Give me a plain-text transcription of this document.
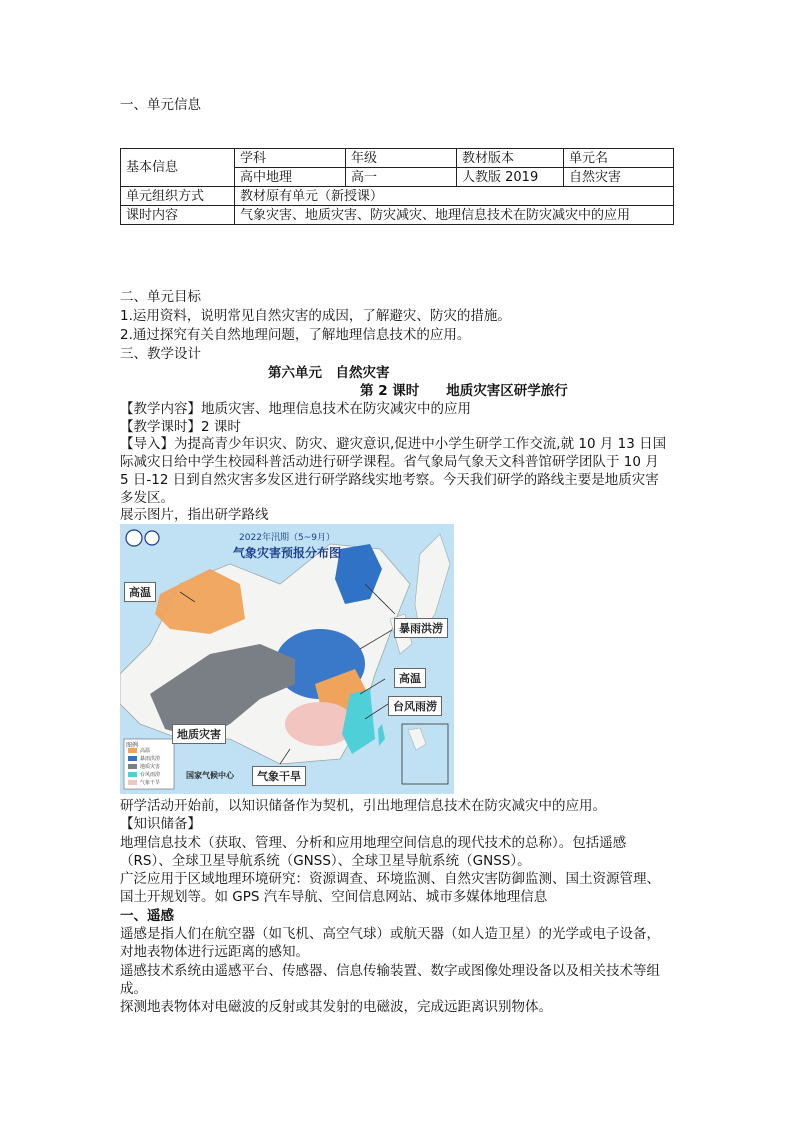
一、单元信息
基本信息	学科	年级	教材版本	单元名
	高中地理	高一	人教版 2019	自然灾害
单元组织方式	教材原有单元（新授课）			
课时内容	气象灾害、地质灾害、防灾减灾、地理信息技术在防灾减灾中的应用			
二、单元目标
1.运用资料，说明常见自然灾害的成因，了解避灾、防灾的措施。
2.通过探究有关自然地理问题，了解地理信息技术的应用。
三、教学设计
第六单元　自然灾害
第 2 课时　　地质灾害区研学旅行
【教学内容】地质灾害、地理信息技术在防灾减灾中的应用
【教学课时】2 课时
【导入】为提高青少年识灾、防灾、避灾意识,促进中小学生研学工作交流,就 10 月 13 日国
际减灾日给中学生校园科普活动进行研学课程。省气象局气象天文科普馆研学团队于 10 月
5 日-12 日到自然灾害多发区进行研学路线实地考察。今天我们研学的路线主要是地质灾害
多发区。
展示图片，指出研学路线
2022年汛期（5~9月）
气象灾害预报分布图
高温
暴雨洪涝
高温
台风雨涝
地质灾害
气象干旱
图例
高温
暴雨洪涝
地质灾害
台风雨涝
气象干旱
国家气候中心
研学活动开始前，以知识储备作为契机，引出地理信息技术在防灾减灾中的应用。
【知识储备】
地理信息技术（获取、管理、分析和应用地理空间信息的现代技术的总称）。包括遥感
（RS）、全球卫星导航系统（GNSS）、全球卫星导航系统（GNSS）。
广泛应用于区域地理环境研究：资源调查、环境监测、自然灾害防御监测、国土资源管理、
国土开规划等。如 GPS 汽车导航、空间信息网站、城市多媒体地理信息
一、遥感
遥感是指人们在航空器（如飞机、高空气球）或航天器（如人造卫星）的光学或电子设备，
对地表物体进行远距离的感知。
遥感技术系统由遥感平台、传感器、信息传输装置、数字或图像处理设备以及相关技术等组
成。
探测地表物体对电磁波的反射或其发射的电磁波，完成远距离识别物体。
